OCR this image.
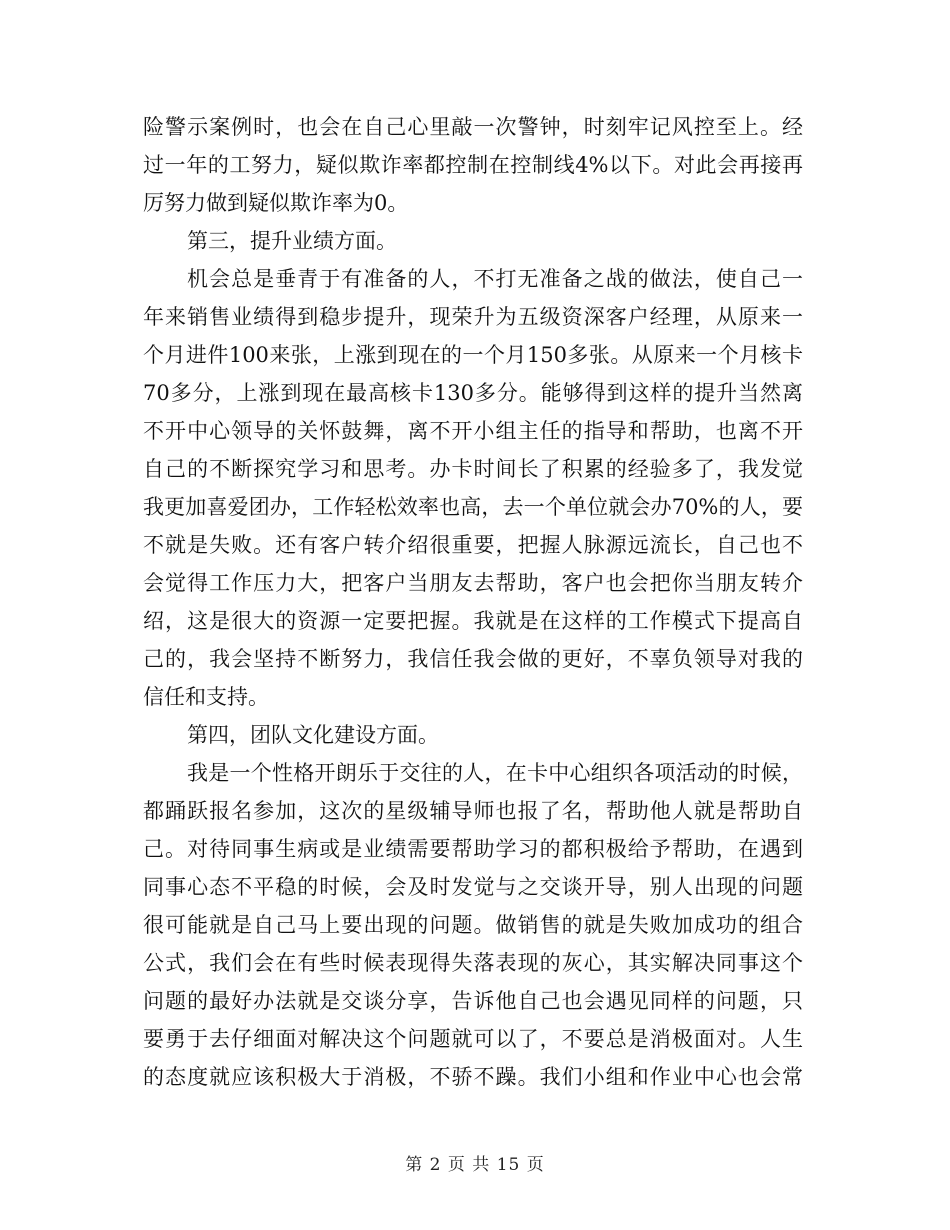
险警示案例时，也会在自己心里敲一次警钟，时刻牢记风控至上。经
过一年的工努力，疑似欺诈率都控制在控制线4%以下。对此会再接再
厉努力做到疑似欺诈率为0。
第三，提升业绩方面。
机会总是垂青于有准备的人，不打无准备之战的做法，使自己一
年来销售业绩得到稳步提升，现荣升为五级资深客户经理，从原来一
个月进件100来张，上涨到现在的一个月150多张。从原来一个月核卡
70多分，上涨到现在最高核卡130多分。能够得到这样的提升当然离
不开中心领导的关怀鼓舞，离不开小组主任的指导和帮助，也离不开
自己的不断探究学习和思考。办卡时间长了积累的经验多了，我发觉
我更加喜爱团办，工作轻松效率也高，去一个单位就会办70%的人，要
不就是失败。还有客户转介绍很重要，把握人脉源远流长，自己也不
会觉得工作压力大，把客户当朋友去帮助，客户也会把你当朋友转介
绍，这是很大的资源一定要把握。我就是在这样的工作模式下提高自
己的，我会坚持不断努力，我信任我会做的更好，不辜负领导对我的
信任和支持。
第四，团队文化建设方面。
我是一个性格开朗乐于交往的人，在卡中心组织各项活动的时候，
都踊跃报名参加，这次的星级辅导师也报了名，帮助他人就是帮助自
己。对待同事生病或是业绩需要帮助学习的都积极给予帮助，在遇到
同事心态不平稳的时候，会及时发觉与之交谈开导，别人出现的问题
很可能就是自己马上要出现的问题。做销售的就是失败加成功的组合
公式，我们会在有些时候表现得失落表现的灰心，其实解决同事这个
问题的最好办法就是交谈分享，告诉他自己也会遇见同样的问题，只
要勇于去仔细面对解决这个问题就可以了，不要总是消极面对。人生
的态度就应该积极大于消极，不骄不躁。我们小组和作业中心也会常
第 2 页 共 15 页
